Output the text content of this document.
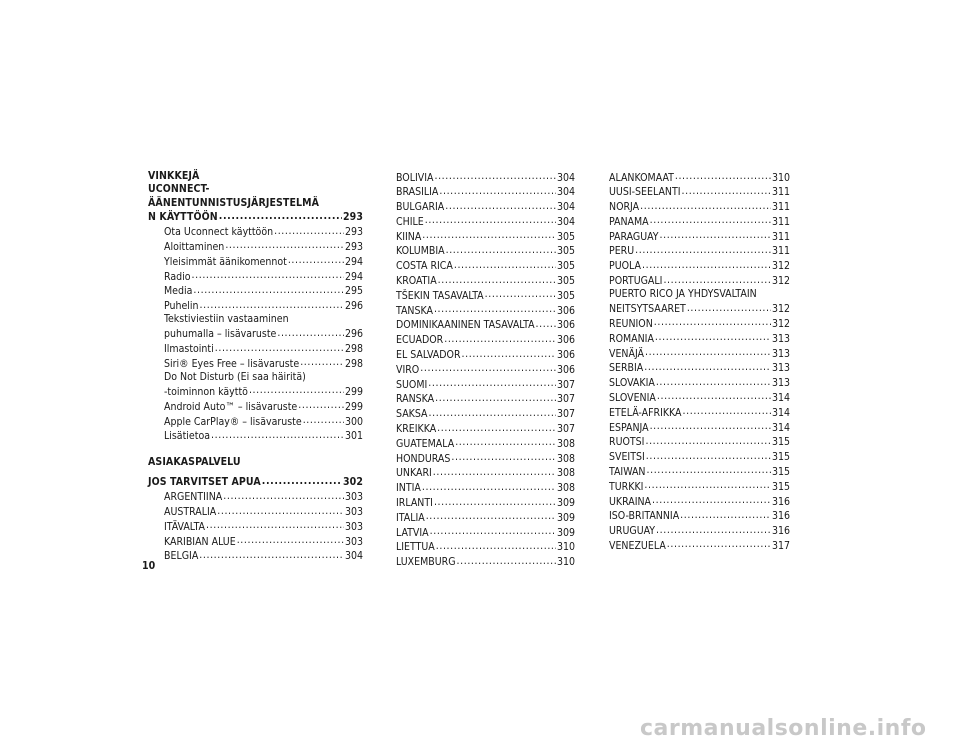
VINKKEJÄ
UCONNECT-ÄÄNENTUNNISTUSJÄRJESTELMÄ
N KÄYTTÖÖN .....	293
Ota Uconnect käyttöön .....	293
Aloittaminen .....	293
Yleisimmät äänikomennot .....	294
Radio .....	294
Media .....	295
Puhelin .....	296
Tekstiviestiin vastaaminen
puhumalla – lisävaruste .....	296
Ilmastointi .....	298
Siri® Eyes Free – lisävaruste .....	298
Do Not Disturb (Ei saa häiritä)
-toiminnon käyttö .....	299
Android Auto™ – lisävaruste .....	299
Apple CarPlay® – lisävaruste .....	300
Lisätietoa .....	301
ASIAKASPALVELU
JOS TARVITSET APUA .....	302
ARGENTIINA .....	303
AUSTRALIA .....	303
ITÄVALTA .....	303
KARIBIAN ALUE .....	303
BELGIA .....	304
BOLIVIA .....	304
BRASILIA .....	304
BULGARIA .....	304
CHILE .....	304
KIINA .....	305
KOLUMBIA .....	305
COSTA RICA .....	305
KROATIA .....	305
TŠEKIN TASAVALTA .....	305
TANSKA .....	306
DOMINIKAANINEN TASAVALTA ..... 306
ECUADOR .....	306
EL SALVADOR .....	306
VIRO .....	306
SUOMI .....	307
RANSKA .....	307
SAKSA .....	307
KREIKKA .....	307
GUATEMALA .....	308
HONDURAS .....	308
UNKARI .....	308
INTIA .....	308
IRLANTI .....	309
ITALIA .....	309
LATVIA .....	309
LIETTUA .....	310
LUXEMBURG .....	310
ALANKOMAAT .....	310
UUSI-SEELANTI .....	311
NORJA .....	311
PANAMA .....	311
PARAGUAY .....	311
PERU .....	311
PUOLA .....	312
PORTUGALI .....	312
PUERTO RICO JA YHDYSVALTAIN
NEITSYTSAARET .....	312
REUNION .....	312
ROMANIA .....	313
VENÄJÄ .....	313
SERBIA .....	313
SLOVAKIA .....	313
SLOVENIA .....	314
ETELÄ-AFRIKKA .....	314
ESPANJA .....	314
RUOTSI .....	315
SVEITSI .....	315
TAIWAN .....	315
TURKKI .....	315
UKRAINA .....	316
ISO-BRITANNIA .....	316
URUGUAY .....	316
VENEZUELA .....	317
10
carmanualsonline.info
